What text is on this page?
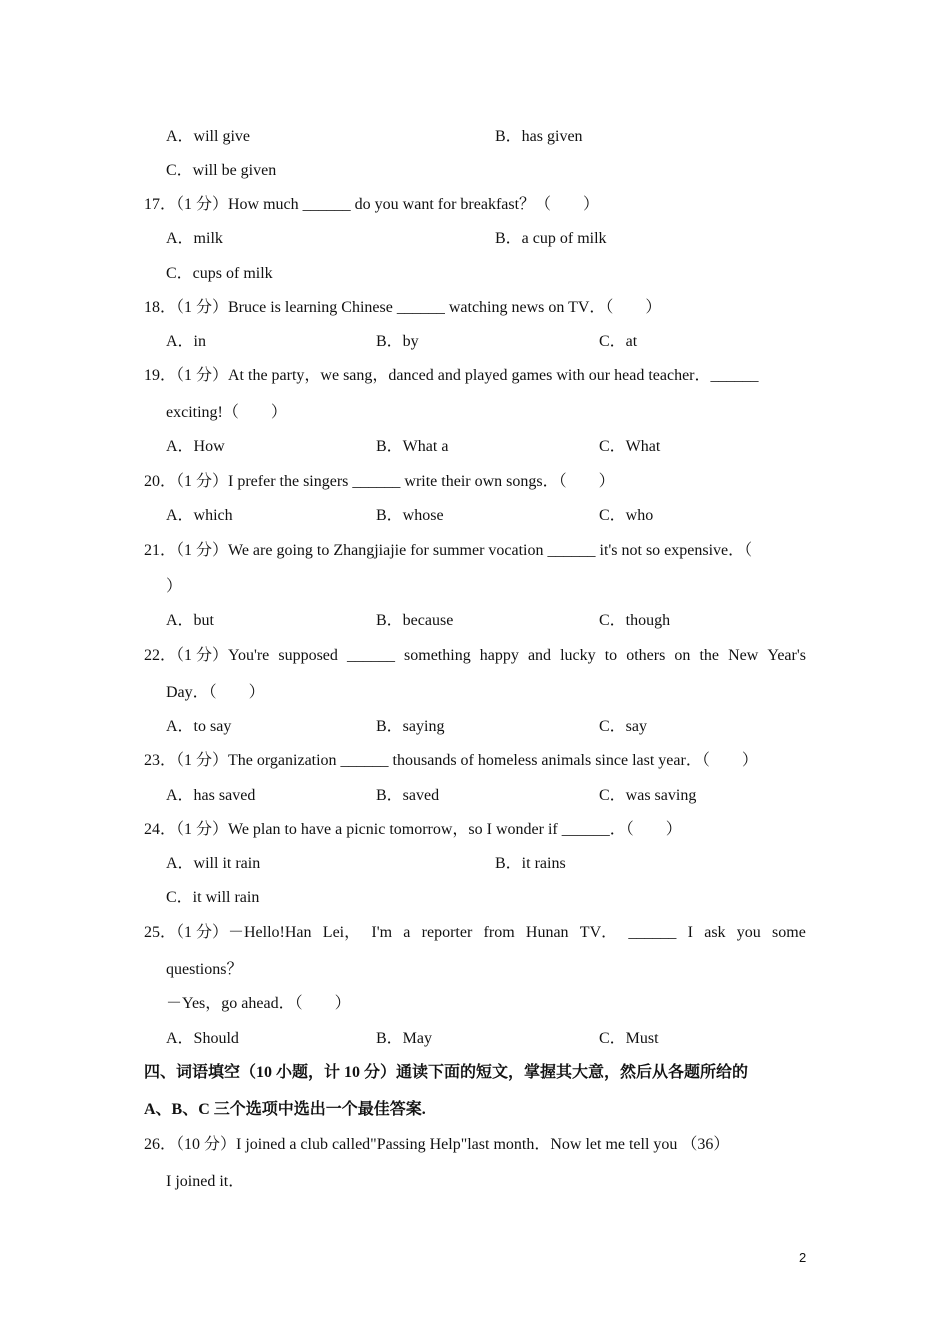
A．will give	B．has given
C．will be given
17．（1 分）How much ______ do you want for breakfast？（　　）
A．milk	B．a cup of milk
C．cups of milk
18．（1 分）Bruce is learning Chinese ______ watching news on TV．（　　）
A．in	B．by	C．at
19．（1 分）At the party，we sang，danced and played games with our head teacher．______
exciting!（　　）
A．How	B．What a	C．What
20．（1 分）I prefer the singers ______ write their own songs．（　　）
A．which	B．whose	C．who
21．（1 分）We are going to Zhangjiajie for summer vocation ______ it's not so expensive．（
）
A．but	B．because	C．though
22．（1 分）You're supposed ______ something happy and lucky to others on the New Year's
Day．（　　）
A．to say	B．saying	C．say
23．（1 分）The organization ______ thousands of homeless animals since last year．（　　）
A．has saved	B．saved	C．was saving
24．（1 分）We plan to have a picnic tomorrow，so I wonder if ______．（　　）
A．will it rain	B．it rains
C．it will rain
25．（1 分）－Hello!Han Lei， I'm a reporter from Hunan TV． ______ I ask you some
questions？
－Yes，go ahead．（　　）
A．Should	B．May	C．Must
四、词语填空（10 小题，计 10 分）通读下面的短文，掌握其大意，然后从各题所给的
A、B、C 三个选项中选出一个最佳答案.
26．（10 分）I joined a club called"Passing Help"last month．Now let me tell you （36）
I joined it．
2
